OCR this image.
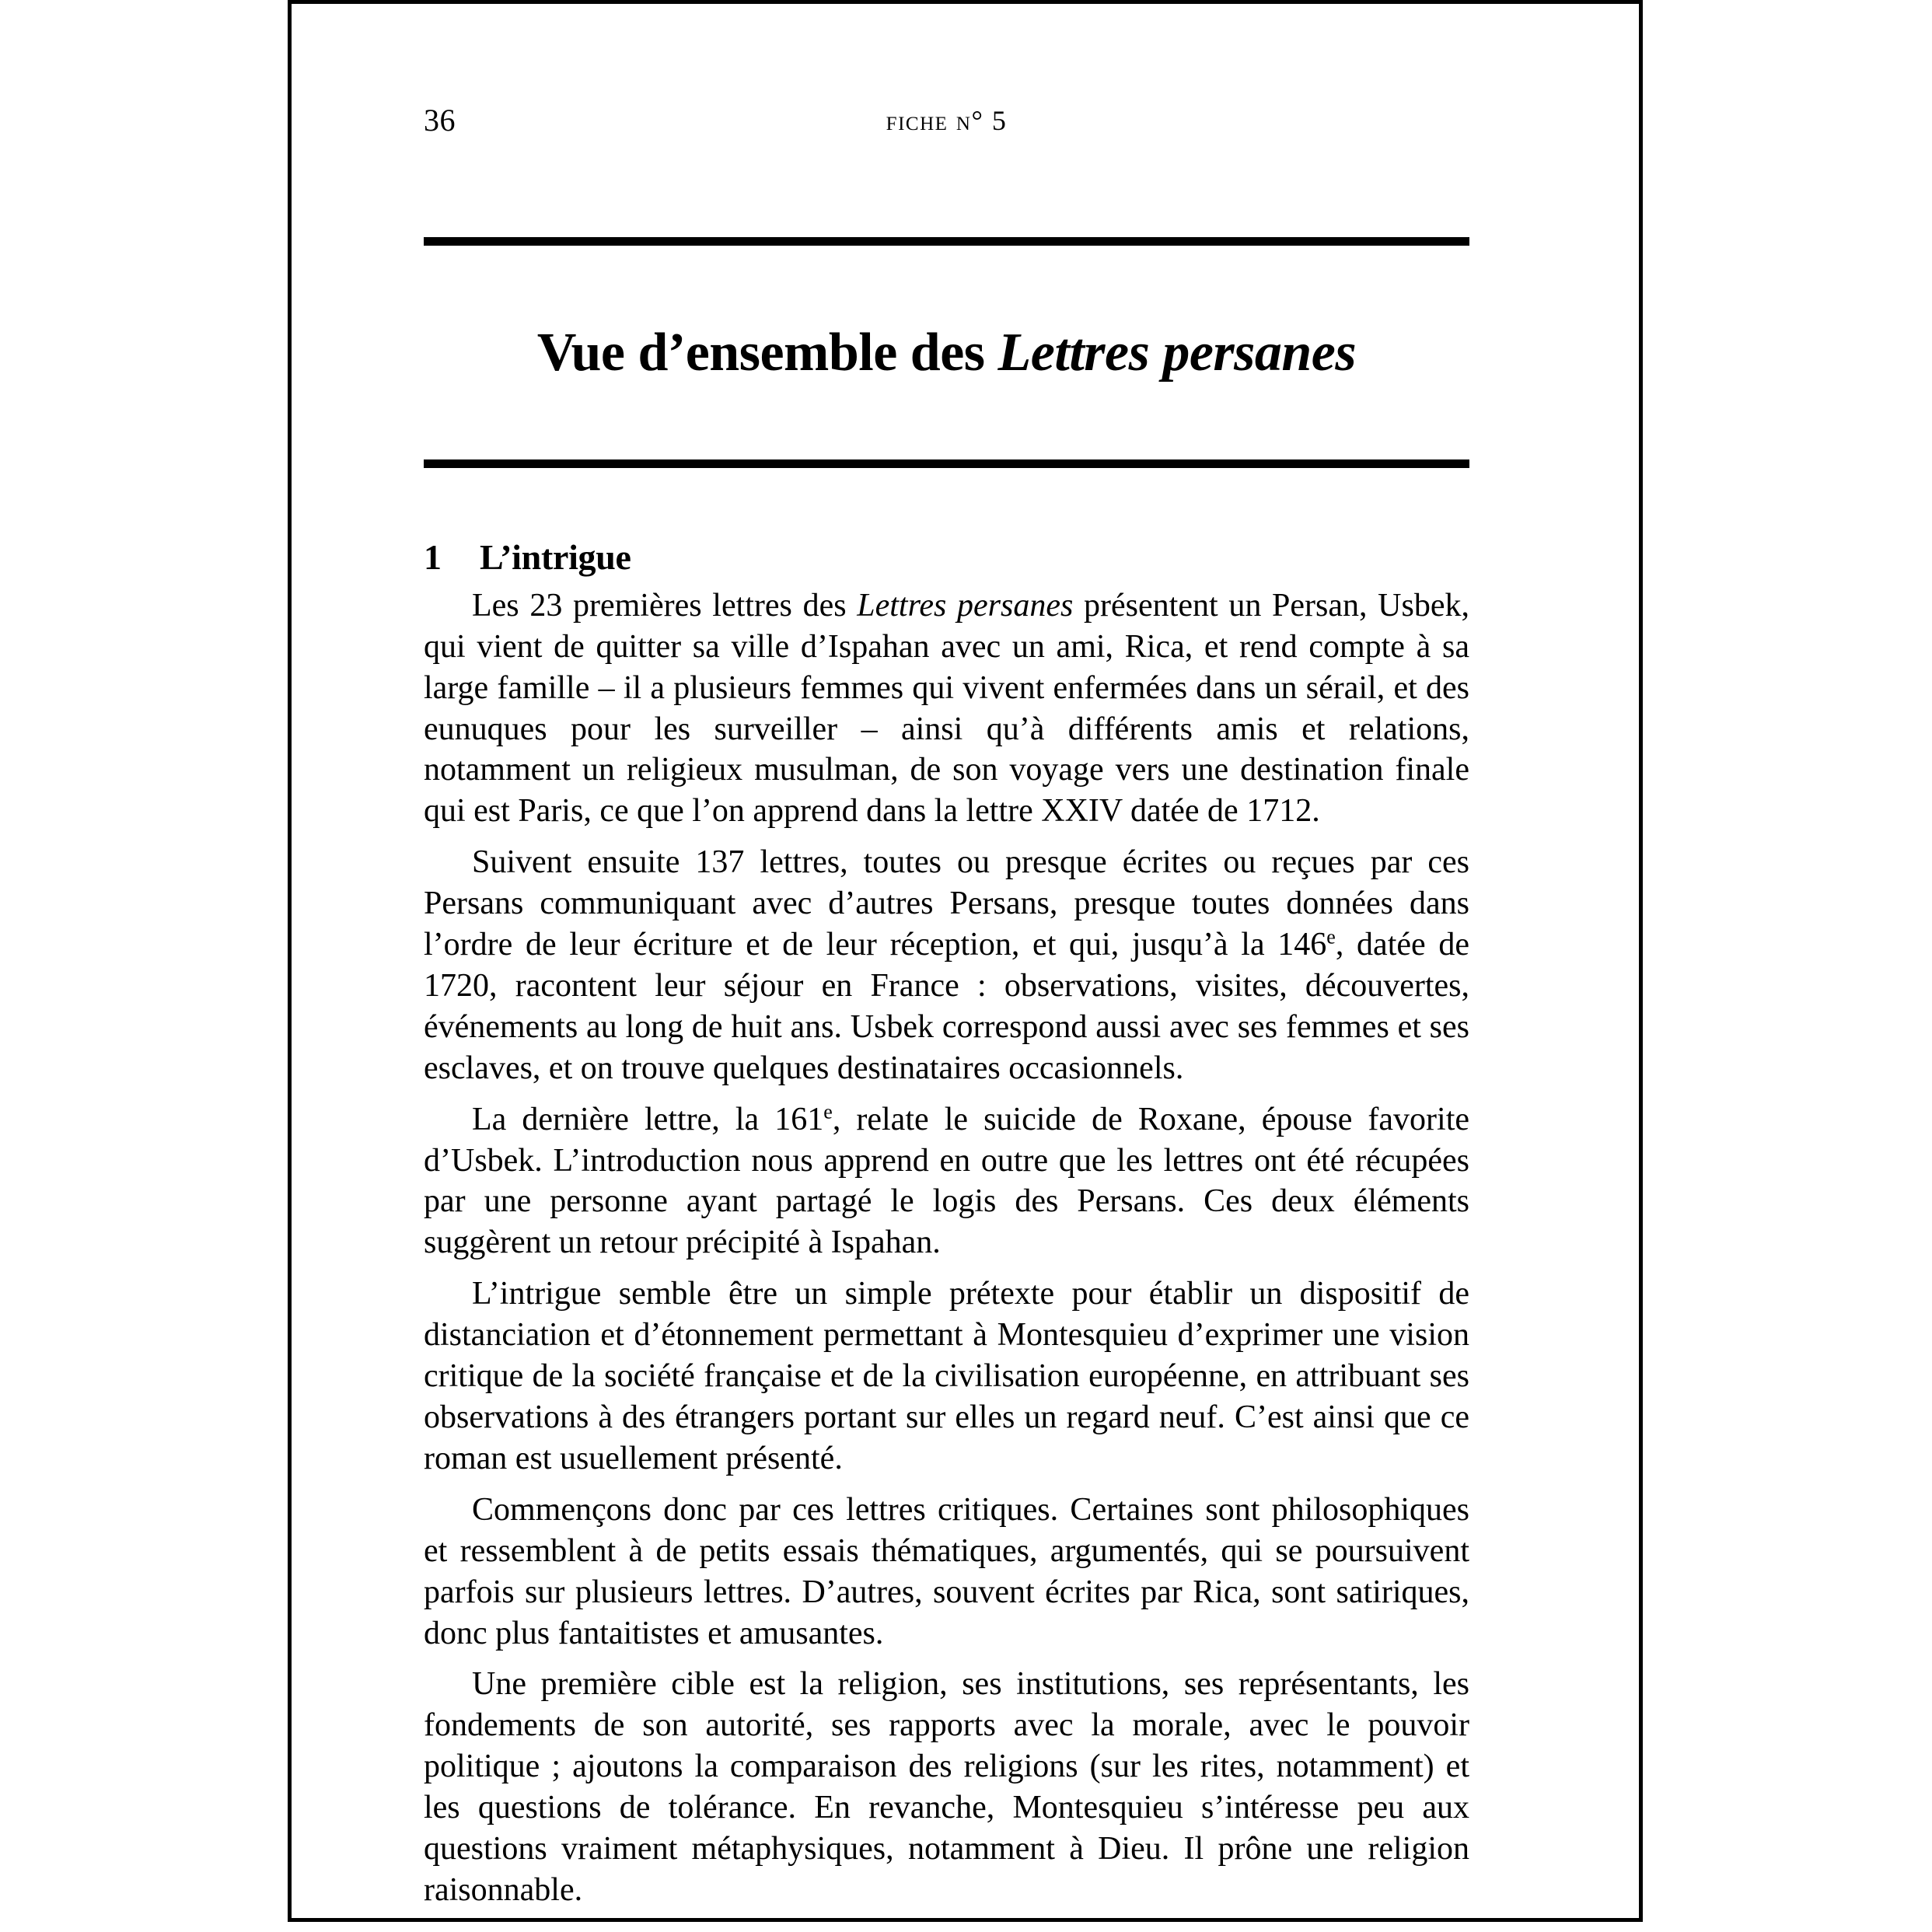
36	fiche n° 5
Vue d’ensemble des Lettres persanes
1 L’intrigue

Les 23 premières lettres des Lettres persanes présentent un Persan, Usbek, qui vient de quitter sa ville d’Ispahan avec un ami, Rica, et rend compte à sa large famille – il a plusieurs femmes qui vivent enfermées dans un sérail, et des eunuques pour les surveiller – ainsi qu’à différents amis et relations, notamment un religieux musulman, de son voyage vers une destination finale qui est Paris, ce que l’on apprend dans la lettre XXIV datée de 1712.

Suivent ensuite 137 lettres, toutes ou presque écrites ou reçues par ces Persans communiquant avec d’autres Persans, presque toutes données dans l’ordre de leur écriture et de leur réception, et qui, jusqu’à la 146e, datée de 1720, racontent leur séjour en France : observations, visites, découvertes, événements au long de huit ans. Usbek correspond aussi avec ses femmes et ses esclaves, et on trouve quelques destinataires occasionnels.

La dernière lettre, la 161e, relate le suicide de Roxane, épouse favorite d’Usbek. L’introduction nous apprend en outre que les lettres ont été récupées par une personne ayant partagé le logis des Persans. Ces deux éléments suggèrent un retour précipité à Ispahan.

L’intrigue semble être un simple prétexte pour établir un dispositif de distanciation et d’étonnement permettant à Montesquieu d’exprimer une vision critique de la société française et de la civilisation européenne, en attribuant ses observations à des étrangers portant sur elles un regard neuf. C’est ainsi que ce roman est usuellement présenté.

Commençons donc par ces lettres critiques. Certaines sont philosophiques et ressemblent à de petits essais thématiques, argumentés, qui se poursuivent parfois sur plusieurs lettres. D’autres, souvent écrites par Rica, sont satiriques, donc plus fantaitistes et amusantes.

Une première cible est la religion, ses institutions, ses représentants, les fondements de son autorité, ses rapports avec la morale, avec le pouvoir politique ; ajoutons la comparaison des religions (sur les rites, notamment) et les questions de tolérance. En revanche, Montesquieu s’intéresse peu aux questions vraiment métaphysiques, notamment à Dieu. Il prône une religion raisonnable.
